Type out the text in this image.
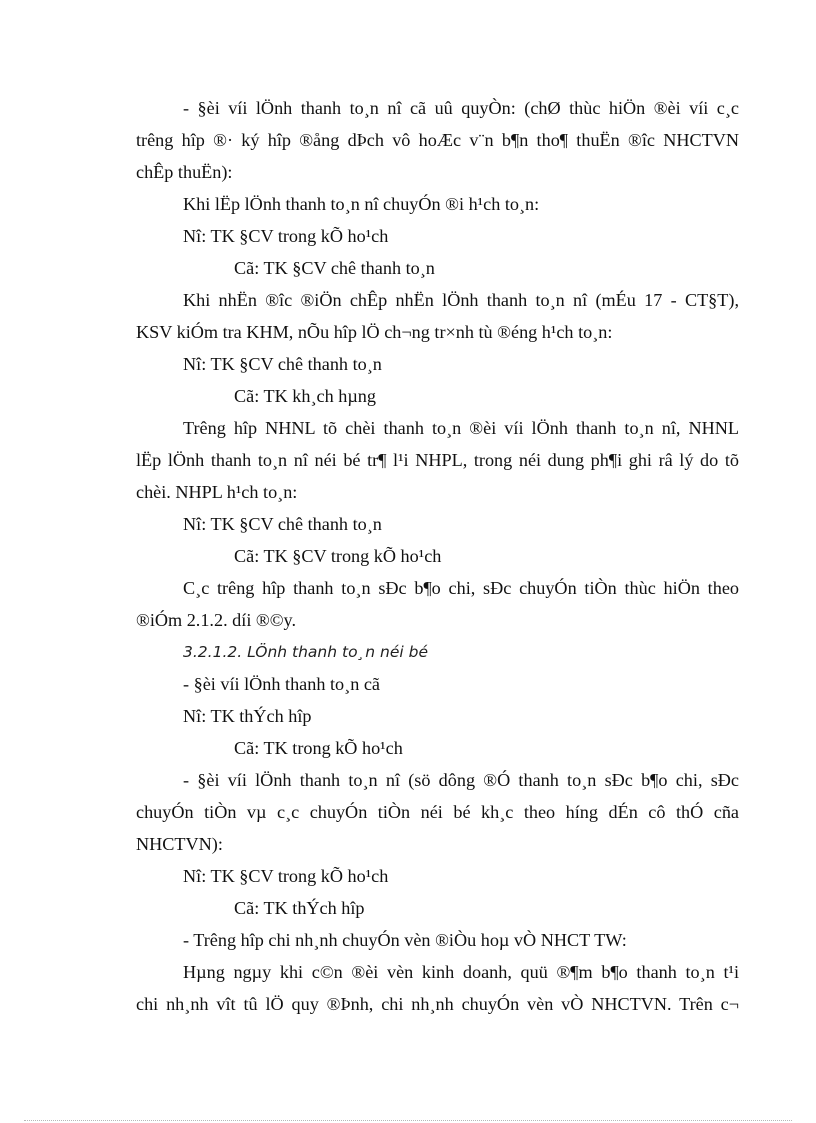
- §èi víi lÖnh thanh to¸n nî cã uû quyÒn: (chØ thùc hiÖn ®èi víi c¸c
trêng hîp ®· ký hîp ®ång dÞch vô hoÆc v¨n b¶n tho¶ thuËn ®îc NHCTVN
chÊp thuËn):
Khi lËp lÖnh thanh to¸n nî chuyÓn ®i h¹ch to¸n:
Nî: TK §CV trong kÕ ho¹ch
Cã: TK §CV chê thanh to¸n
Khi nhËn ®îc ®iÖn chÊp nhËn lÖnh thanh to¸n nî (mÉu 17 - CT§T),
KSV kiÓm tra KHM, nÕu hîp lÖ ch¬ng tr×nh tù ®éng h¹ch to¸n:
Nî: TK §CV chê thanh to¸n
Cã: TK kh¸ch hµng
Trêng hîp NHNL tõ chèi thanh to¸n ®èi víi lÖnh thanh to¸n nî, NHNL
lËp lÖnh thanh to¸n nî néi bé tr¶ l¹i NHPL, trong néi dung ph¶i ghi râ lý do tõ
chèi. NHPL h¹ch to¸n:
Nî: TK §CV chê thanh to¸n
Cã: TK §CV trong kÕ ho¹ch
C¸c trêng hîp thanh to¸n sÐc b¶o chi, sÐc chuyÓn tiÒn thùc hiÖn theo
®iÓm 2.1.2. díi ®©y.
3.2.1.2. LÖnh thanh to¸n néi bé
- §èi víi lÖnh thanh to¸n cã
Nî: TK thÝch hîp
Cã: TK trong kÕ ho¹ch
- §èi víi lÖnh thanh to¸n nî (sö dông ®Ó thanh to¸n sÐc b¶o chi, sÐc
chuyÓn tiÒn vµ c¸c chuyÓn tiÒn néi bé kh¸c theo híng dÉn cô thÓ cña
NHCTVN):
Nî: TK §CV trong kÕ ho¹ch
Cã: TK thÝch hîp
- Trêng hîp chi nh¸nh chuyÓn vèn ®iÒu hoµ vÒ NHCT TW:
Hµng ngµy khi c©n ®èi vèn kinh doanh, quü ®¶m b¶o thanh to¸n t¹i
chi nh¸nh vît tû lÖ quy ®Þnh, chi nh¸nh chuyÓn vèn vÒ NHCTVN. Trên c¬
